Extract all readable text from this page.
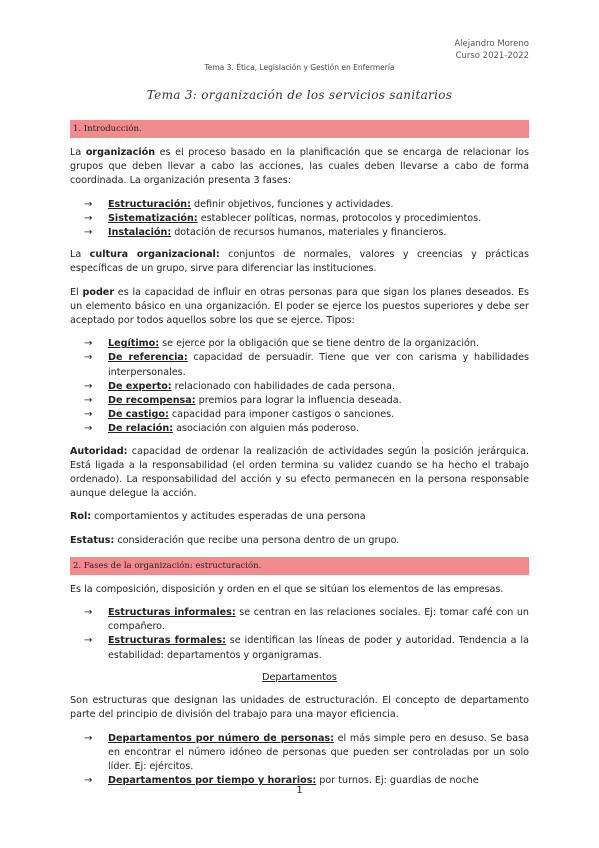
Alejandro Moreno
Curso 2021-2022
Tema 3. Ética, Legislación y Gestión en Enfermería
Tema 3: organización de los servicios sanitarios
1. Introducción.

La organización es el proceso basado en la planificación que se encarga de relacionar los grupos que deben llevar a cabo las acciones, las cuales deben llevarse a cabo de forma coordinada. La organización presenta 3 fases:

→ Estructuración: definir objetivos, funciones y actividades.
→ Sistematización: establecer políticas, normas, protocolos y procedimientos.
→ Instalación: dotación de recursos humanos, materiales y financieros.

La cultura organizacional: conjuntos de normales, valores y creencias y prácticas específicas de un grupo, sirve para diferenciar las instituciones.

El poder es la capacidad de influir en otras personas para que sigan los planes deseados. Es un elemento básico en una organización. El poder se ejerce los puestos superiores y debe ser aceptado por todos aquellos sobre los que se ejerce. Tipos:

→ Legítimo: se ejerce por la obligación que se tiene dentro de la organización.
→ De referencia: capacidad de persuadir. Tiene que ver con carisma y habilidades interpersonales.
→ De experto: relacionado con habilidades de cada persona.
→ De recompensa: premios para lograr la influencia deseada.
→ De castigo: capacidad para imponer castigos o sanciones.
→ De relación: asociación con alguien más poderoso.

Autoridad: capacidad de ordenar la realización de actividades según la posición jerárquica. Está ligada a la responsabilidad (el orden termina su validez cuando se ha hecho el trabajo ordenado). La responsabilidad del acción y su efecto permanecen en la persona responsable aunque delegue la acción.

Rol: comportamientos y actitudes esperadas de una persona

Estatus: consideración que recibe una persona dentro de un grupo.

2. Fases de la organización: estructuración.

Es la composición, disposición y orden en el que se sitúan los elementos de las empresas.

→ Estructuras informales: se centran en las relaciones sociales. Ej: tomar café con un compañero.
→ Estructuras formales: se identifican las líneas de poder y autoridad. Tendencia a la estabilidad: departamentos y organigramas.
Departamentos

Son estructuras que designan las unidades de estructuración. El concepto de departamento parte del principio de división del trabajo para una mayor eficiencia.

→ Departamentos por número de personas: el más simple pero en desuso. Se basa en encontrar el número idóneo de personas que pueden ser controladas por un solo líder. Ej: ejércitos.
→ Departamentos por tiempo y horarios: por turnos. Ej: guardias de noche
1
